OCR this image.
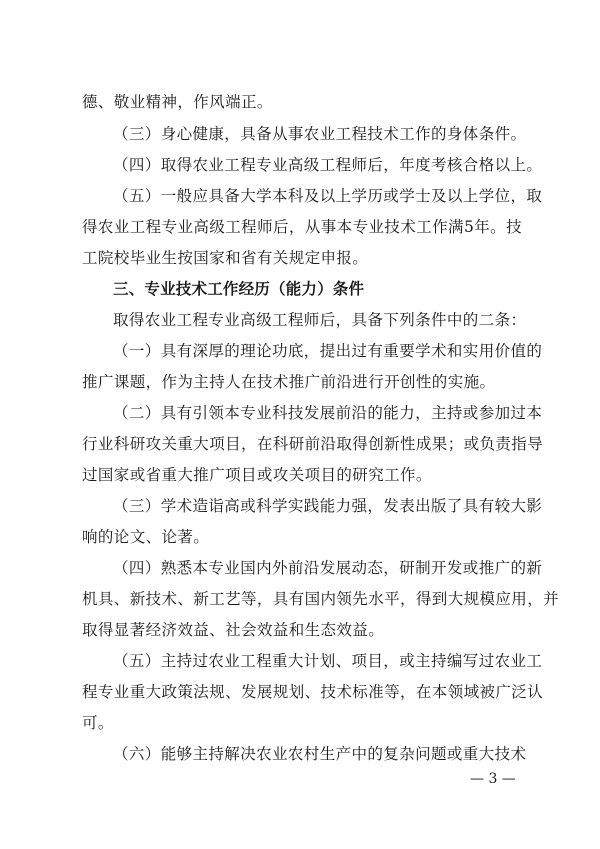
德、敬业精神，作风端正。
（三）身心健康，具备从事农业工程技术工作的身体条件。
（四）取得农业工程专业高级工程师后，年度考核合格以上。
（五）一般应具备大学本科及以上学历或学士及以上学位，取
得农业工程专业高级工程师后，从事本专业技术工作满5年。技
工院校毕业生按国家和省有关规定申报。
三、专业技术工作经历（能力）条件
取得农业工程专业高级工程师后，具备下列条件中的二条：
（一）具有深厚的理论功底，提出过有重要学术和实用价值的
推广课题，作为主持人在技术推广前沿进行开创性的实施。
（二）具有引领本专业科技发展前沿的能力，主持或参加过本
行业科研攻关重大项目，在科研前沿取得创新性成果；或负责指导
过国家或省重大推广项目或攻关项目的研究工作。
（三）学术造诣高或科学实践能力强，发表出版了具有较大影
响的论文、论著。
（四）熟悉本专业国内外前沿发展动态，研制开发或推广的新
机具、新技术、新工艺等，具有国内领先水平，得到大规模应用，并
取得显著经济效益、社会效益和生态效益。
（五）主持过农业工程重大计划、项目，或主持编写过农业工
程专业重大政策法规、发展规划、技术标准等，在本领域被广泛认
可。
（六）能够主持解决农业农村生产中的复杂问题或重大技术
— 3 —
